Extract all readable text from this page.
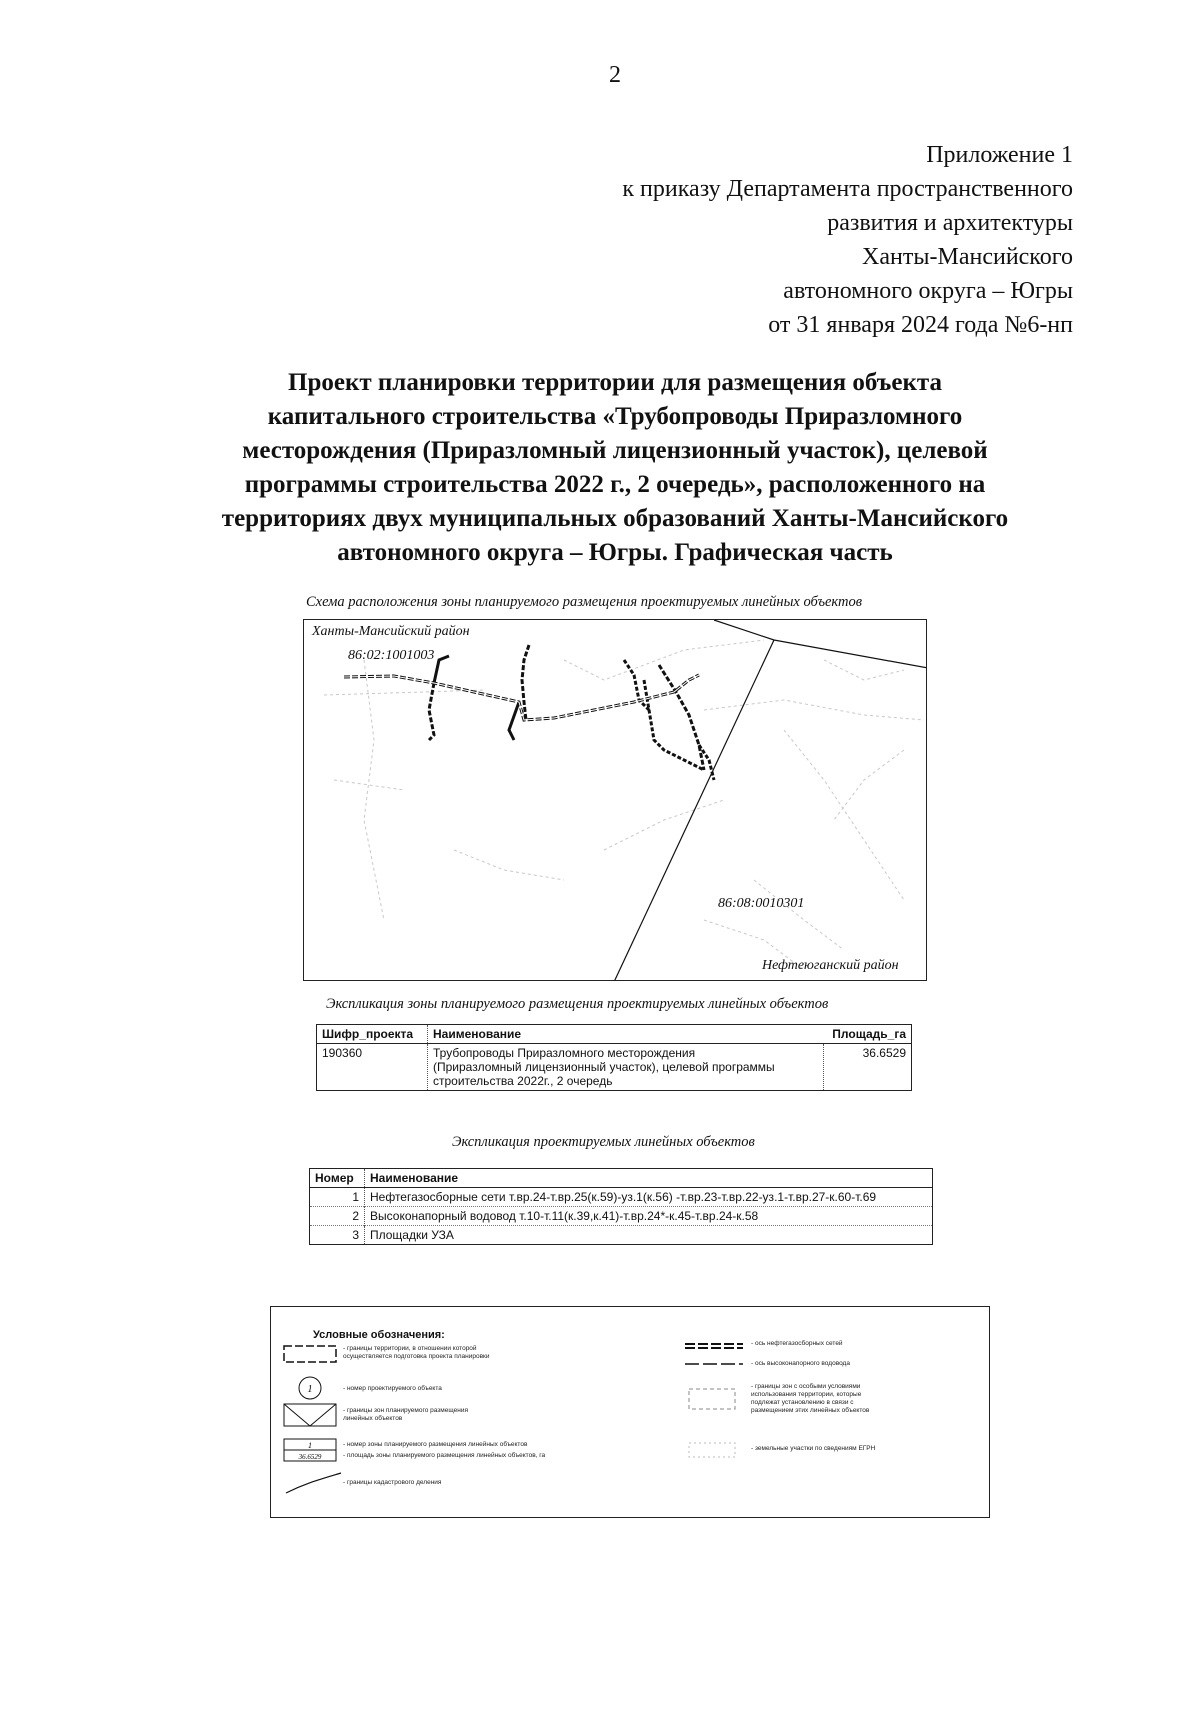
2
Приложение 1
к приказу Департамента пространственного
развития и архитектуры
Ханты-Мансийского
автономного округа – Югры
от 31 января 2024 года №6-нп
Проект планировки территории для размещения объекта
капитального строительства «Трубопроводы Приразломного
месторождения (Приразломный лицензионный участок), целевой
программы строительства 2022 г., 2 очередь», расположенного на
территориях двух муниципальных образований Ханты-Мансийского
автономного округа – Югры. Графическая часть
Схема расположения зоны планируемого размещения проектируемых линейных объектов
Ханты-Мансийский район
86:02:1001003
86:08:0010301
Нефтеюганский район
Экспликация зоны планируемого размещения проектируемых линейных объектов
Шифр_проекта	Наименование	Площадь_га
190360	Трубопроводы Приразломного месторождения
(Приразломный лицензионный участок), целевой программы
строительства 2022г., 2 очередь	36.6529
Экспликация проектируемых линейных объектов
Номер	Наименование
1	Нефтегазосборные сети т.вр.24-т.вр.25(к.59)-уз.1(к.56) -т.вр.23-т.вр.22-уз.1-т.вр.27-к.60-т.69
2	Высоконапорный водовод т.10-т.11(к.39,к.41)-т.вр.24*-к.45-т.вр.24-к.58
3	Площадки УЗА
Условные обозначения:
1
1
36.6529
- границы территории, в отношении которой
осуществляется подготовка проекта планировки
- номер проектируемого объекта
- границы зон планируемого размещения
линейных объектов
- номер зоны планируемого размещения линейных объектов
- площадь зоны планируемого размещения линейных объектов, га
- границы кадастрового деления
- ось нефтегазосборных сетей
- ось высоконапорного водовода
- границы зон с особыми условиями
использования территории, которые
подлежат установлению в связи с
размещением этих линейных объектов
- земельные участки по сведениям ЕГРН
